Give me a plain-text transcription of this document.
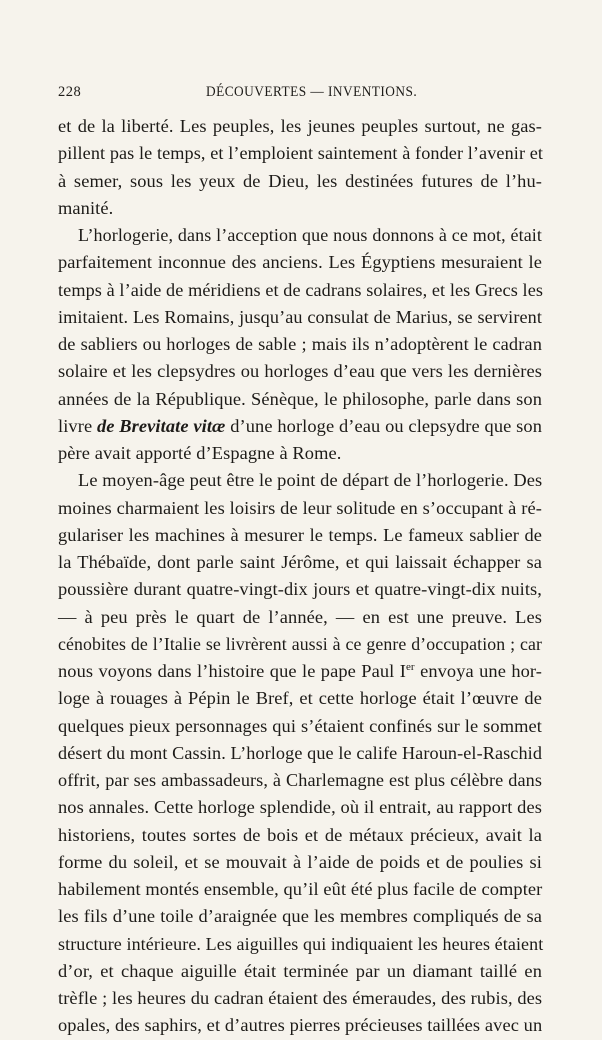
228	DÉCOUVERTES — INVENTIONS.
et de la liberté. Les peuples, les jeunes peuples surtout, ne gas-
pillent pas le temps, et l’emploient saintement à fonder l’avenir et
à semer, sous les yeux de Dieu, les destinées futures de l’hu-
manité.
L’horlogerie, dans l’acception que nous donnons à ce mot, était
parfaitement inconnue des anciens. Les Égyptiens mesuraient le
temps à l’aide de méridiens et de cadrans solaires, et les Grecs les
imitaient. Les Romains, jusqu’au consulat de Marius, se servirent
de sabliers ou horloges de sable ; mais ils n’adoptèrent le cadran
solaire et les clepsydres ou horloges d’eau que vers les dernières
années de la République. Sénèque, le philosophe, parle dans son
livre de Brevitate vitæ d’une horloge d’eau ou clepsydre que son
père avait apporté d’Espagne à Rome.
Le moyen-âge peut être le point de départ de l’horlogerie. Des
moines charmaient les loisirs de leur solitude en s’occupant à ré-
gulariser les machines à mesurer le temps. Le fameux sablier de
la Thébaïde, dont parle saint Jérôme, et qui laissait échapper sa
poussière durant quatre-vingt-dix jours et quatre-vingt-dix nuits,
— à peu près le quart de l’année, — en est une preuve. Les
cénobites de l’Italie se livrèrent aussi à ce genre d’occupation ; car
nous voyons dans l’histoire que le pape Paul Ier envoya une hor-
loge à rouages à Pépin le Bref, et cette horloge était l’œuvre de
quelques pieux personnages qui s’étaient confinés sur le sommet
désert du mont Cassin. L’horloge que le calife Haroun-el-Raschid
offrit, par ses ambassadeurs, à Charlemagne est plus célèbre dans
nos annales. Cette horloge splendide, où il entrait, au rapport des
historiens, toutes sortes de bois et de métaux précieux, avait la
forme du soleil, et se mouvait à l’aide de poids et de poulies si
habilement montés ensemble, qu’il eût été plus facile de compter
les fils d’une toile d’araignée que les membres compliqués de sa
structure intérieure. Les aiguilles qui indiquaient les heures étaient
d’or, et chaque aiguille était terminée par un diamant taillé en
trèfle ; les heures du cadran étaient des émeraudes, des rubis, des
opales, des saphirs, et d’autres pierres précieuses taillées avec un
